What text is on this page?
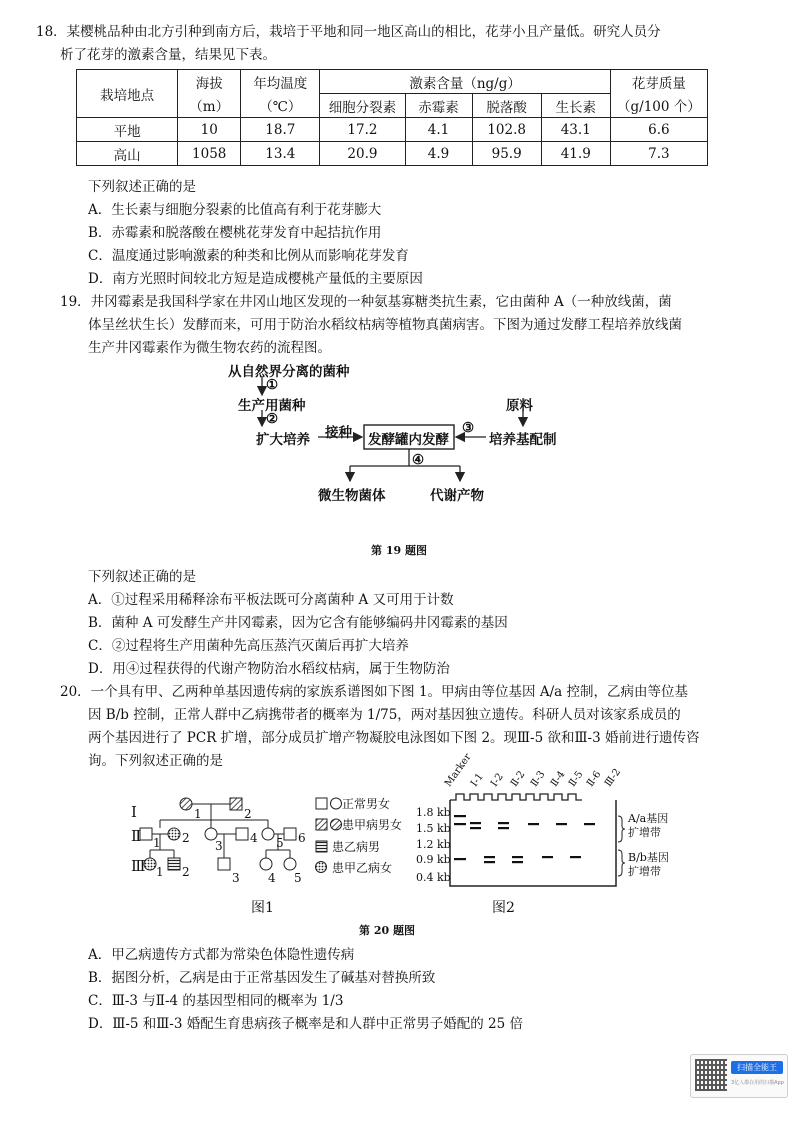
18．某樱桃品种由北方引种到南方后，栽培于平地和同一地区高山的相比，花芽小且产量低。研究人员分
析了花芽的激素含量，结果见下表。
栽培地点	海拔	年均温度	激素含量（ng/g）				花芽质量
	（m）	（℃）	细胞分裂素	赤霉素	脱落酸	生长素	（g/100 个）
平地	10	18.7	17.2	4.1	102.8	43.1	6.6
高山	1058	13.4	20.9	4.9	95.9	41.9	7.3
下列叙述正确的是
A．生长素与细胞分裂素的比值高有利于花芽膨大
B．赤霉素和脱落酸在樱桃花芽发育中起拮抗作用
C．温度通过影响激素的种类和比例从而影响花芽发育
D．南方光照时间较北方短是造成樱桃产量低的主要原因
19．井冈霉素是我国科学家在井冈山地区发现的一种氨基寡糖类抗生素，它由菌种 A（一种放线菌，菌
体呈丝状生长）发酵而来，可用于防治水稻纹枯病等植物真菌病害。下图为通过发酵工程培养放线菌
生产井冈霉素作为微生物农药的流程图。
从自然界分离的菌种
①
生产用菌种
②
扩大培养 接种 发酵罐内发酵
原料
③
培养基配制
④
微生物菌体	代谢产物
第 19 题图
下列叙述正确的是
A．①过程采用稀释涂布平板法既可分离菌种 A 又可用于计数
B．菌种 A 可发酵生产井冈霉素，因为它含有能够编码井冈霉素的基因
C．②过程将生产用菌种先高压蒸汽灭菌后再扩大培养
D．用④过程获得的代谢产物防治水稻纹枯病，属于生物防治
20．一个具有甲、乙两种单基因遗传病的家族系谱图如下图 1。甲病由等位基因 A/a 控制，乙病由等位基
因 B/b 控制，正常人群中乙病携带者的概率为 1/75，两对基因独立遗传。科研人员对该家系成员的
两个基因进行了 PCR 扩增，部分成员扩增产物凝胶电泳图如下图 2。现Ⅲ-5 欲和Ⅲ-3 婚前进行遗传咨
询。下列叙述正确的是
1	2
1 2
3
4 5 6
1 2	3 4 5
Ⅰ
Ⅱ
Ⅲ
正常男女
患甲病男女
患乙病男
患甲乙病女
图1
Marker
Ⅰ-1 Ⅰ-2 Ⅱ-2 Ⅱ-3 Ⅱ-4 Ⅱ-5 Ⅱ-6 Ⅲ-2
1.8 kb
1.5 kb
1.2 kb
0.9 kb
0.4 kb
A/a基因
扩增带
B/b基因
扩增带
图2
第 20 题图
A．甲乙病遗传方式都为常染色体隐性遗传病
B．据图分析，乙病是由于正常基因发生了碱基对替换所致
C．Ⅲ-3 与Ⅱ-4 的基因型相同的概率为 1/3
D．Ⅲ-5 和Ⅲ-3 婚配生育患病孩子概率是和人群中正常男子婚配的 25 倍
扫描全能王
3亿人都在用的扫描App
